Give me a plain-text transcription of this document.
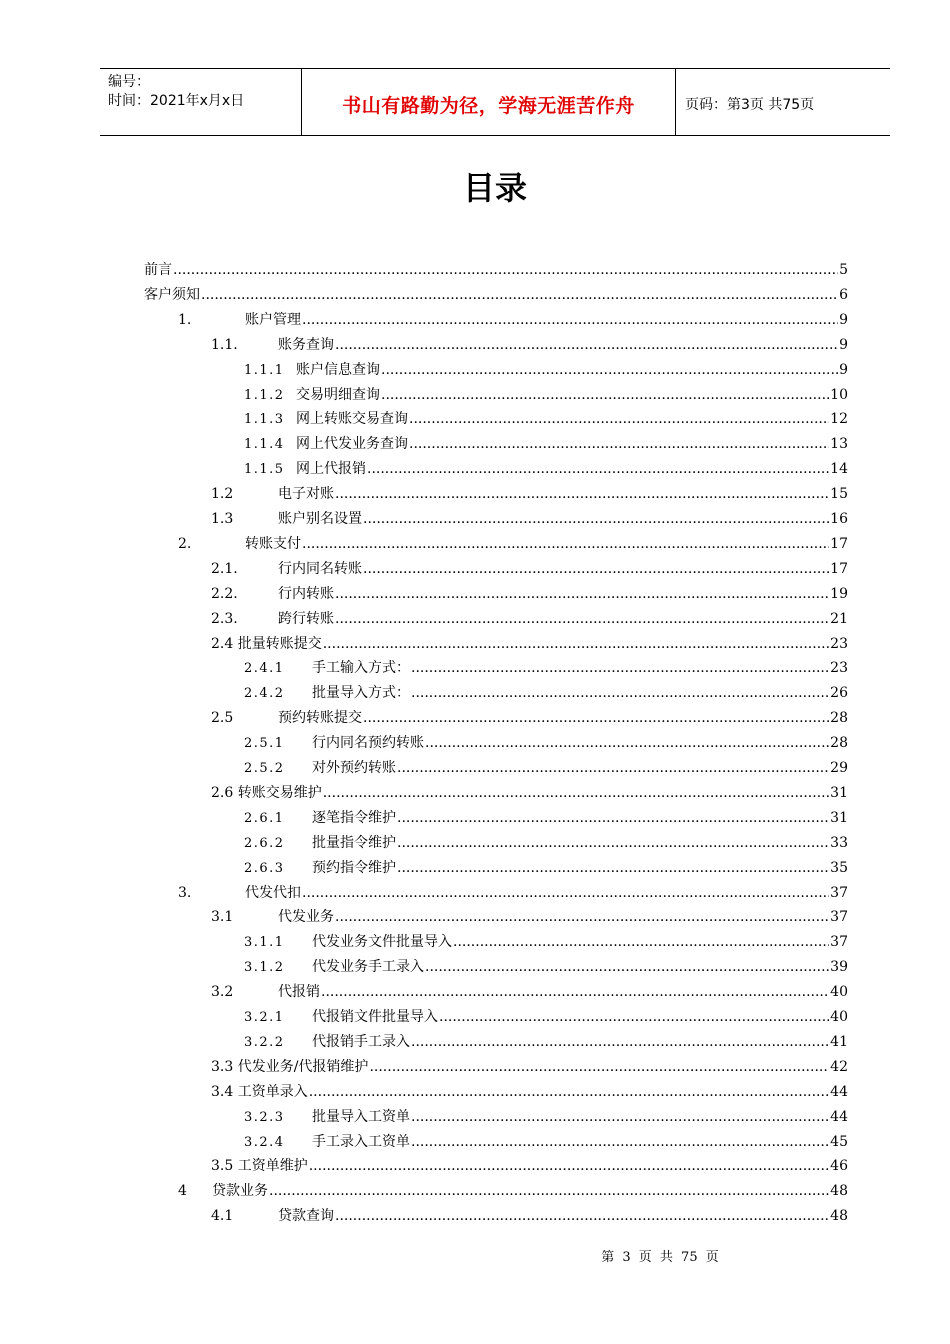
编号：
时间：2021年x月x日	书山有路勤为径，学海无涯苦作舟	页码：第3页 共75页
目录
前言 .....	5
客户须知 .....	6
1.	账户管理 .....	9
1.1.	账务查询 .....	9
1.1.1 账户信息查询 .....	9
1.1.2 交易明细查询 .....	10
1.1.3 网上转账交易查询 .....	12
1.1.4 网上代发业务查询 .....	13
1.1.5 网上代报销 .....	14
1.2	电子对账 .....	15
1.3	账户别名设置 .....	16
2.	转账支付 .....	17
2.1.	行内同名转账 .....	17
2.2.	行内转账 .....	19
2.3.	跨行转账 .....	21
2.4 批量转账提交 .....	23
2.4.1	手工输入方式： .....	23
2.4.2	批量导入方式： .....	26
2.5	预约转账提交 .....	28
2.5.1	行内同名预约转账 .....	28
2.5.2	对外预约转账 .....	29
2.6 转账交易维护 .....	31
2.6.1	逐笔指令维护 .....	31
2.6.2	批量指令维护 .....	33
2.6.3	预约指令维护 .....	35
3.	代发代扣 .....	37
3.1	代发业务 .....	37
3.1.1	代发业务文件批量导入 .....	37
3.1.2	代发业务手工录入 .....	39
3.2	代报销 .....	40
3.2.1	代报销文件批量导入 .....	40
3.2.2	代报销手工录入 .....	41
3.3 代发业务/代报销维护 .....	42
3.4 工资单录入 .....	44
3.2.3	批量导入工资单 .....	44
3.2.4	手工录入工资单 .....	45
3.5 工资单维护 .....	46
4	贷款业务 .....	48
4.1	贷款查询 .....	48
第 3 页 共 75 页
